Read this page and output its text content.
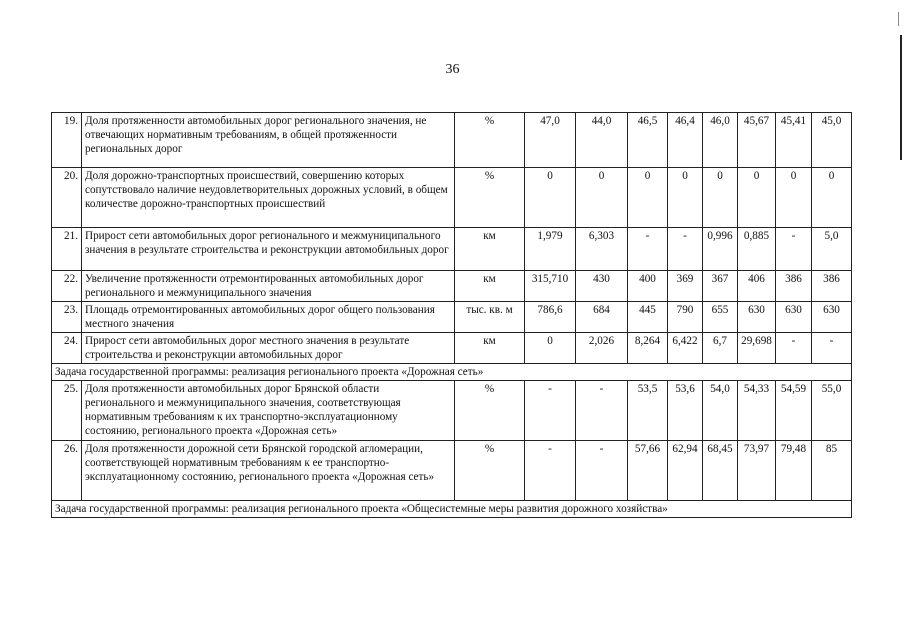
36
19.	Доля протяженности автомобильных дорог регионального значения, не отвечающих нормативным требованиям, в общей протяженности региональных дорог	%	47,0	44,0	46,5	46,4	46,0	45,67	45,41	45,0
20.	Доля дорожно-транспортных происшествий, совершению которых сопутствовало наличие неудовлетворительных дорожных условий, в общем количестве дорожно-транспортных происшествий	%	0	0	0	0	0	0	0	0
21.	Прирост сети автомобильных дорог регионального и межмуниципального значения в результате строительства и реконструкции автомобильных дорог	км	1,979	6,303	-	-	0,996	0,885	-	5,0
22.	Увеличение протяженности отремонтированных автомобильных дорог регионального и межмуниципального значения	км	315,710	430	400	369	367	406	386	386
23.	Площадь отремонтированных автомобильных дорог общего пользования местного значения	тыс. кв. м	786,6	684	445	790	655	630	630	630
24.	Прирост сети автомобильных дорог местного значения в результате строительства и реконструкции автомобильных дорог	км	0	2,026	8,264	6,422	6,7	29,698	-	-
Задача государственной программы: реализация регионального проекта «Дорожная сеть»										
25.	Доля протяженности автомобильных дорог Брянской области регионального и межмуниципального значения, соответствующая нормативным требованиям к их транспортно-эксплуатационному состоянию, регионального проекта «Дорожная сеть»	%	-	-	53,5	53,6	54,0	54,33	54,59	55,0
26.	Доля протяженности дорожной сети Брянской городской агломерации, соответствующей нормативным требованиям к ее транспортно-эксплуатационному состоянию, регионального проекта «Дорожная сеть»	%	-	-	57,66	62,94	68,45	73,97	79,48	85
Задача государственной программы: реализация регионального проекта «Общесистемные меры развития дорожного хозяйства»										
